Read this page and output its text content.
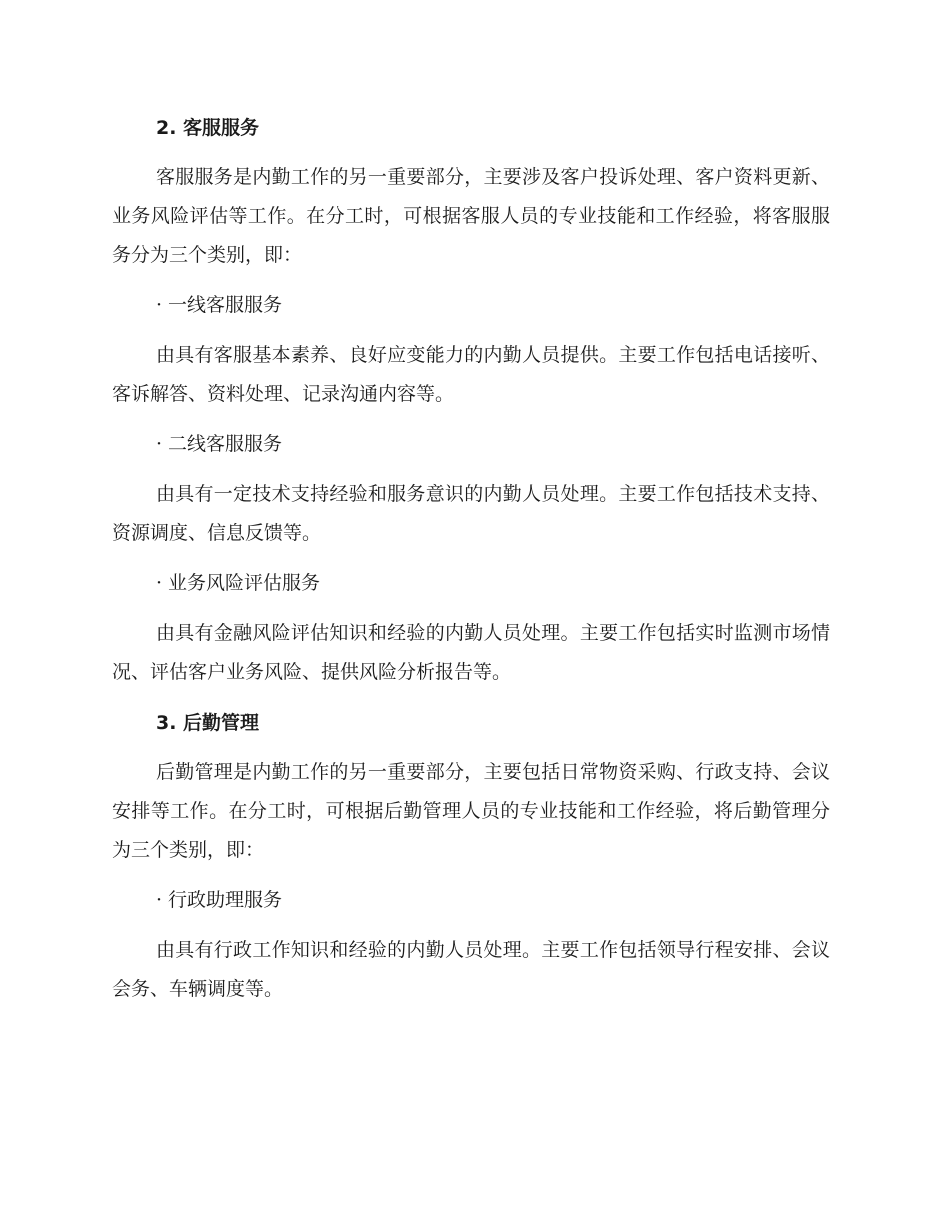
2. 客服服务

客服服务是内勤工作的另一重要部分，主要涉及客户投诉处理、客户资料更新、业务风险评估等工作。在分工时，可根据客服人员的专业技能和工作经验，将客服服务分为三个类别，即：

· 一线客服服务

由具有客服基本素养、良好应变能力的内勤人员提供。主要工作包括电话接听、客诉解答、资料处理、记录沟通内容等。

· 二线客服服务

由具有一定技术支持经验和服务意识的内勤人员处理。主要工作包括技术支持、资源调度、信息反馈等。

· 业务风险评估服务

由具有金融风险评估知识和经验的内勤人员处理。主要工作包括实时监测市场情况、评估客户业务风险、提供风险分析报告等。

3. 后勤管理

后勤管理是内勤工作的另一重要部分，主要包括日常物资采购、行政支持、会议安排等工作。在分工时，可根据后勤管理人员的专业技能和工作经验，将后勤管理分为三个类别，即：

· 行政助理服务

由具有行政工作知识和经验的内勤人员处理。主要工作包括领导行程安排、会议会务、车辆调度等。
